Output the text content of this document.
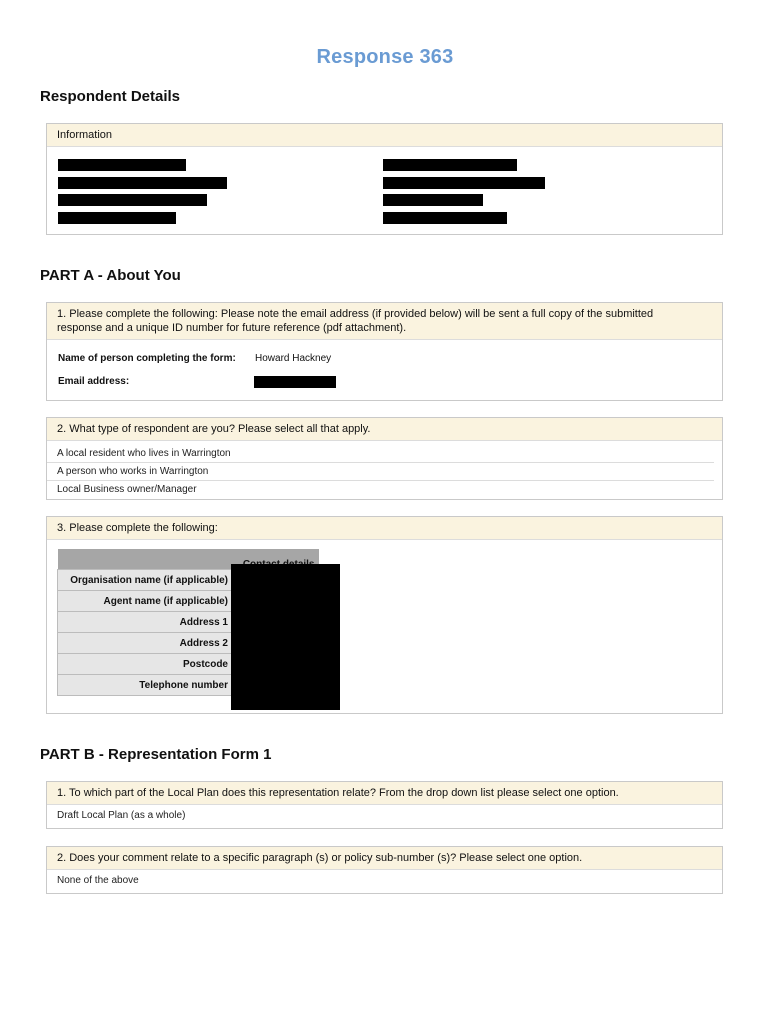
Response 363
Respondent Details
Information
PART A - About You
1. Please complete the following: Please note the email address (if provided below) will be sent a full copy of the submitted response and a unique ID number for future reference (pdf attachment).
Name of person completing the form: Howard Hackney
Email address:
2. What type of respondent are you? Please select all that apply.
A local resident who lives in Warrington
A person who works in Warrington
Local Business owner/Manager
3. Please complete the following:

Organisation name (if applicable)	
Agent name (if applicable)	
Address 1	
Address 2	
Postcode	
Telephone number	
PART B - Representation Form 1
1. To which part of the Local Plan does this representation relate? From the drop down list please select one option.
Draft Local Plan (as a whole)
2. Does your comment relate to a specific paragraph (s) or policy sub-number (s)? Please select one option.
None of the above
